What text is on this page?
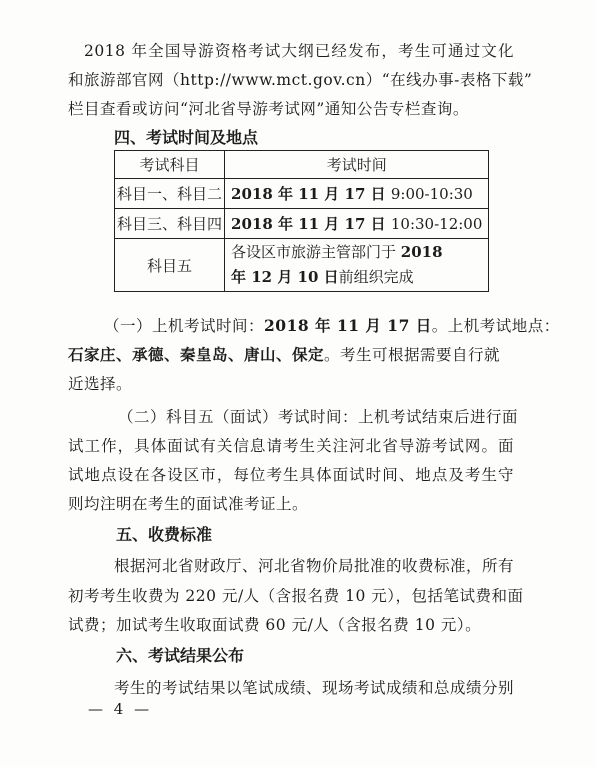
2018 年全国导游资格考试大纲已经发布，考生可通过文化
和旅游部官网（http://www.mct.gov.cn）“在线办事-表格下载”
栏目查看或访问“河北省导游考试网”通知公告专栏查询。
四、考试时间及地点
考试科目	考试时间
科目一、科目二	2018 年 11 月 17 日 9:00-10:30
科目三、科目四	2018 年 11 月 17 日 10:30-12:00
科目五	各设区市旅游主管部门于 2018
年 12 月 10 日前组织完成
（一）上机考试时间：2018 年 11 月 17 日。上机考试地点：
石家庄、承德、秦皇岛、唐山、保定。考生可根据需要自行就
近选择。
（二）科目五（面试）考试时间：上机考试结束后进行面
试工作，具体面试有关信息请考生关注河北省导游考试网。面
试地点设在各设区市，每位考生具体面试时间、地点及考生守
则均注明在考生的面试准考证上。
五、收费标准
根据河北省财政厅、河北省物价局批准的收费标准，所有
初考考生收费为 220 元/人（含报名费 10 元），包括笔试费和面
试费；加试考生收取面试费 60 元/人（含报名费 10 元）。
六、考试结果公布
考生的考试结果以笔试成绩、现场考试成绩和总成绩分别
— 4 —
